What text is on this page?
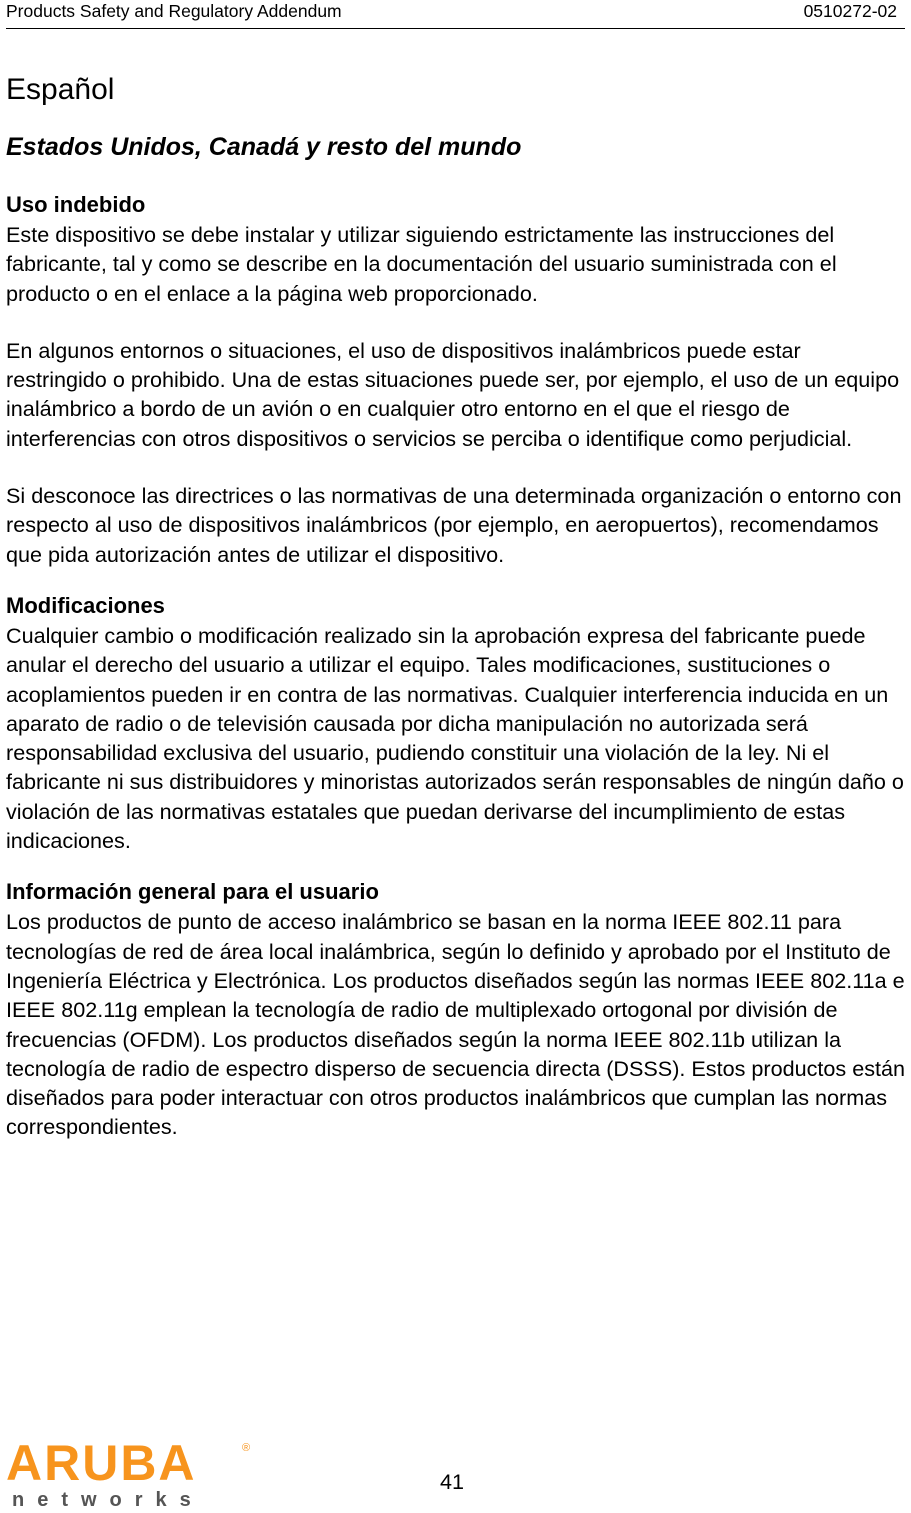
Products Safety and Regulatory Addendum	0510272-02
Español
Estados Unidos, Canadá y resto del mundo
Uso indebido

Este dispositivo se debe instalar y utilizar siguiendo estrictamente las instrucciones del fabricante, tal y como se describe en la documentación del usuario suministrada con el producto o en el enlace a la página web proporcionado.

En algunos entornos o situaciones, el uso de dispositivos inalámbricos puede estar restringido o prohibido. Una de estas situaciones puede ser, por ejemplo, el uso de un equipo inalámbrico a bordo de un avión o en cualquier otro entorno en el que el riesgo de interferencias con otros dispositivos o servicios se perciba o identifique como perjudicial.

Si desconoce las directrices o las normativas de una determinada organización o entorno con respecto al uso de dispositivos inalámbricos (por ejemplo, en aeropuertos), recomendamos que pida autorización antes de utilizar el dispositivo.

Modificaciones

Cualquier cambio o modificación realizado sin la aprobación expresa del fabricante puede anular el derecho del usuario a utilizar el equipo. Tales modificaciones, sustituciones o acoplamientos pueden ir en contra de las normativas. Cualquier interferencia inducida en un aparato de radio o de televisión causada por dicha manipulación no autorizada será responsabilidad exclusiva del usuario, pudiendo constituir una violación de la ley. Ni el fabricante ni sus distribuidores y minoristas autorizados serán responsables de ningún daño o violación de las normativas estatales que puedan derivarse del incumplimiento de estas indicaciones.

Información general para el usuario

Los productos de punto de acceso inalámbrico se basan en la norma IEEE 802.11 para tecnologías de red de área local inalámbrica, según lo definido y aprobado por el Instituto de Ingeniería Eléctrica y Electrónica. Los productos diseñados según las normas IEEE 802.11a e IEEE 802.11g emplean la tecnología de radio de multiplexado ortogonal por división de frecuencias (OFDM). Los productos diseñados según la norma IEEE 802.11b utilizan la tecnología de radio de espectro disperso de secuencia directa (DSSS). Estos productos están diseñados para poder interactuar con otros productos inalámbricos que cumplan las normas correspondientes.

ARUBA	®
networks
41
